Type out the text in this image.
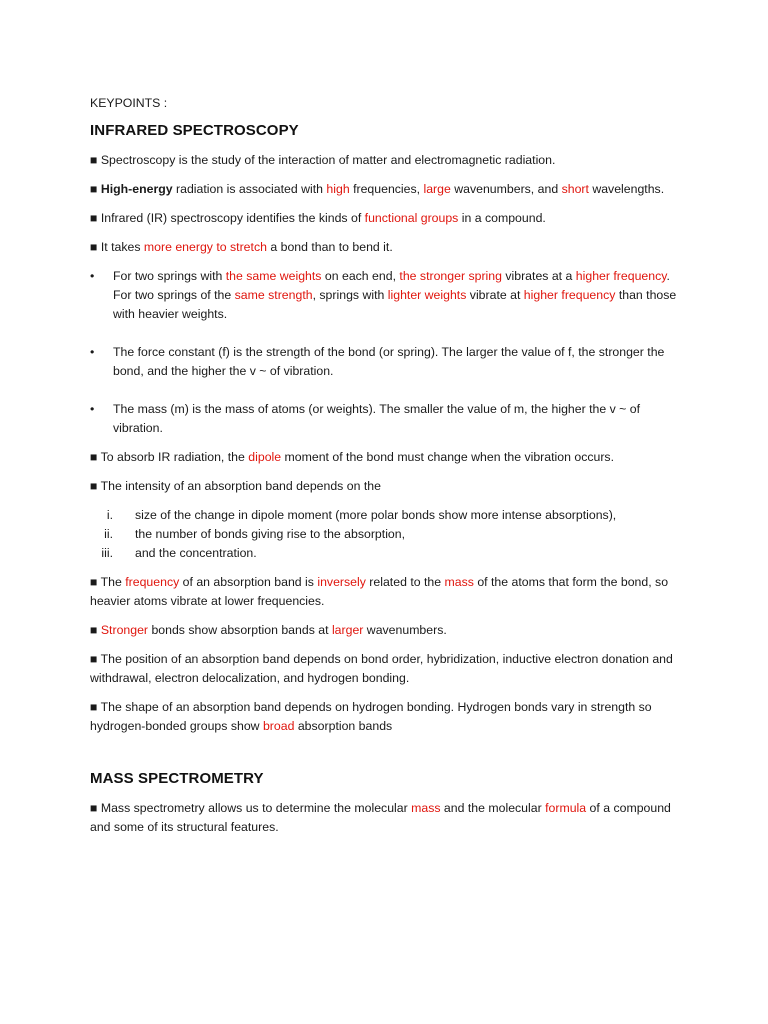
KEYPOINTS :
INFRARED SPECTROSCOPY

■ Spectroscopy is the study of the interaction of matter and electromagnetic radiation.

■ High-energy radiation is associated with high frequencies, large wavenumbers, and short wavelengths.

■ Infrared (IR) spectroscopy identifies the kinds of functional groups in a compound.

■ It takes more energy to stretch a bond than to bend it.

• For two springs with the same weights on each end, the stronger spring vibrates at a higher frequency. For two springs of the same strength, springs with lighter weights vibrate at higher frequency than those with heavier weights.
• The force constant (f) is the strength of the bond (or spring). The larger the value of f, the stronger the bond, and the higher the v ~ of vibration.
• The mass (m) is the mass of atoms (or weights). The smaller the value of m, the higher the v ~ of vibration.

■ To absorb IR radiation, the dipole moment of the bond must change when the vibration occurs.

■ The intensity of an absorption band depends on the

i. size of the change in dipole moment (more polar bonds show more intense absorptions),
ii. the number of bonds giving rise to the absorption,
iii. and the concentration.

■ The frequency of an absorption band is inversely related to the mass of the atoms that form the bond, so heavier atoms vibrate at lower frequencies.

■ Stronger bonds show absorption bands at larger wavenumbers.

■ The position of an absorption band depends on bond order, hybridization, inductive electron donation and withdrawal, electron delocalization, and hydrogen bonding.

■ The shape of an absorption band depends on hydrogen bonding. Hydrogen bonds vary in strength so hydrogen-bonded groups show broad absorption bands

MASS SPECTROMETRY

■ Mass spectrometry allows us to determine the molecular mass and the molecular formula of a compound and some of its structural features.
